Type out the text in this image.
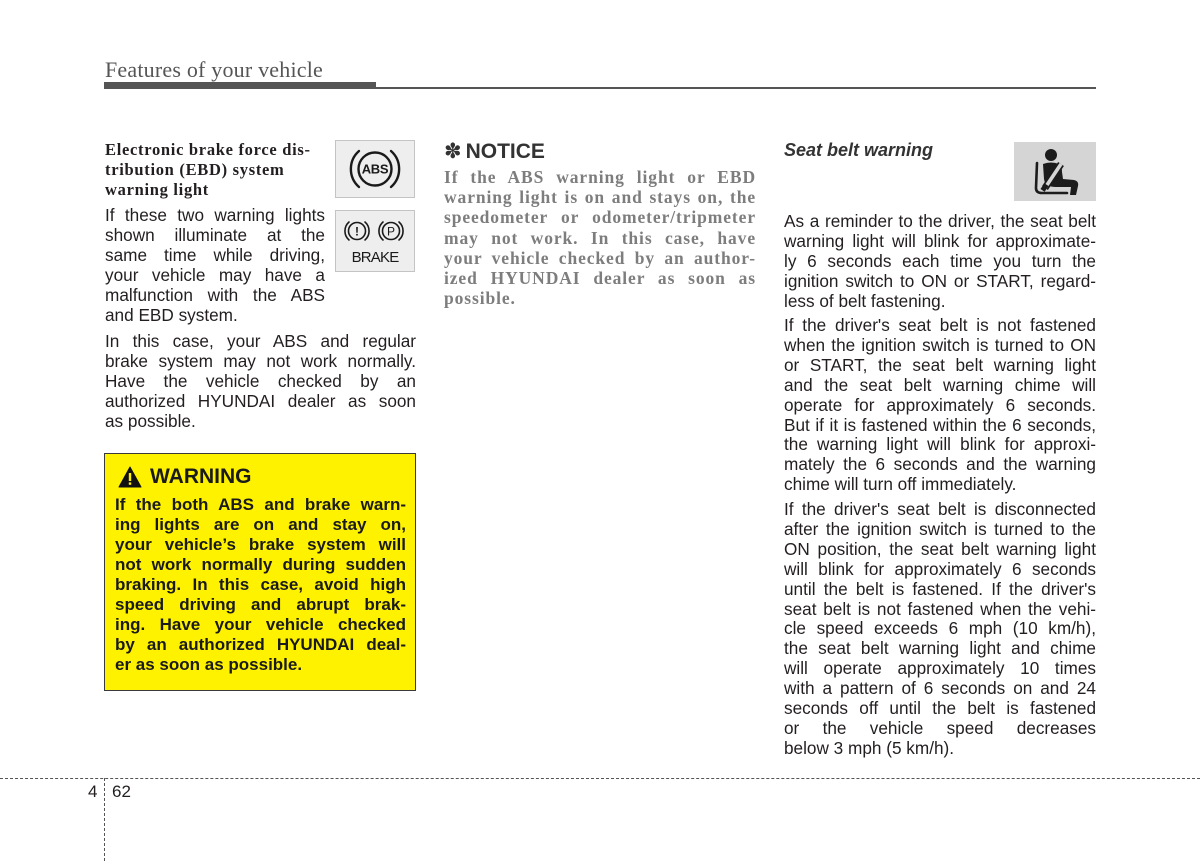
Features of your vehicle
Electronic brake force dis-
tribution (EBD) system
warning light
ABS
! P
BRAKE
If these two warning lights
shown illuminate at the
same time while driving,
your vehicle may have a
malfunction with the ABS
and EBD system.
In this case, your ABS and regular
brake system may not work normally.
Have the vehicle checked by an
authorized HYUNDAI dealer as soon
as possible.
WARNING
If the both ABS and brake warn-
ing lights are on and stay on,
your vehicle’s brake system will
not work normally during sudden
braking. In this case, avoid high
speed driving and abrupt brak-
ing. Have your vehicle checked
by an authorized HYUNDAI deal-
er as soon as possible.
✽ NOTICE
If the ABS warning light or EBD
warning light is on and stays on, the
speedometer or odometer/tripmeter
may not work. In this case, have
your vehicle checked by an author-
ized HYUNDAI dealer as soon as
possible.
Seat belt warning
As a reminder to the driver, the seat belt
warning light will blink for approximate-
ly 6 seconds each time you turn the
ignition switch to ON or START, regard-
less of belt fastening.
If the driver's seat belt is not fastened
when the ignition switch is turned to ON
or START, the seat belt warning light
and the seat belt warning chime will
operate for approximately 6 seconds.
But if it is fastened within the 6 seconds,
the warning light will blink for approxi-
mately the 6 seconds and the warning
chime will turn off immediately.
If the driver's seat belt is disconnected
after the ignition switch is turned to the
ON position, the seat belt warning light
will blink for approximately 6 seconds
until the belt is fastened. If the driver's
seat belt is not fastened when the vehi-
cle speed exceeds 6 mph (10 km/h),
the seat belt warning light and chime
will operate approximately 10 times
with a pattern of 6 seconds on and 24
seconds off until the belt is fastened
or the vehicle speed decreases
below 3 mph (5 km/h).
4 62
